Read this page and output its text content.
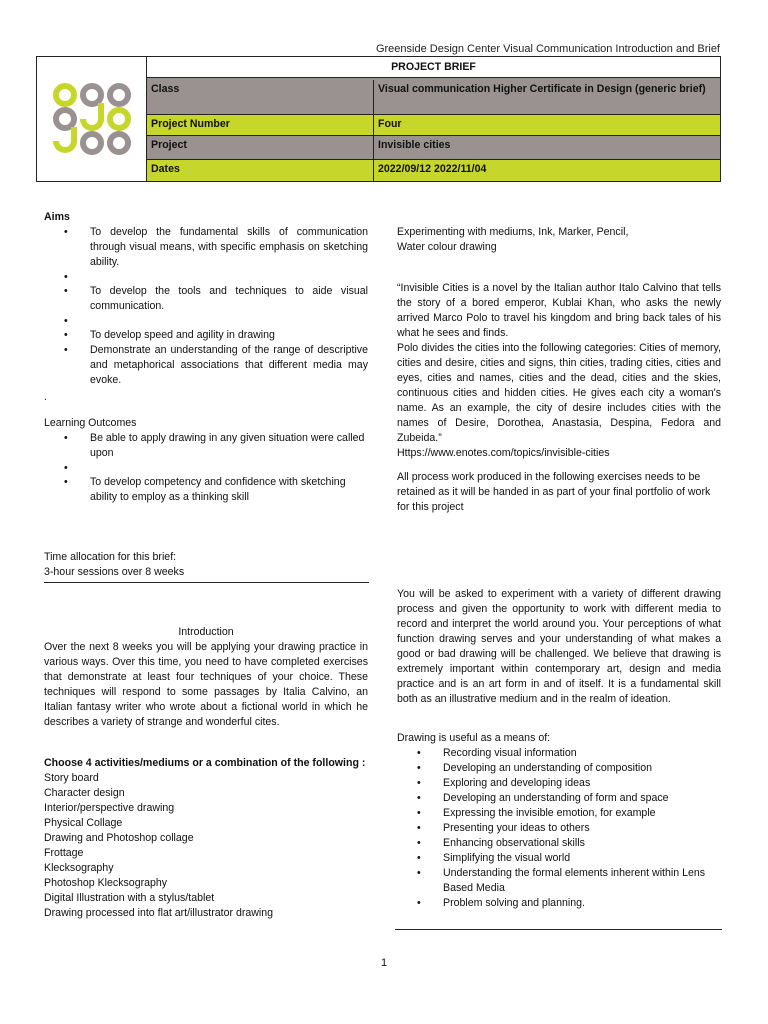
Greenside Design Center Visual Communication Introduction and Brief
PROJECT BRIEF
Class	Visual communication Higher Certificate in Design (generic brief)
Project Number	Four
Project	Invisible cities
Dates	2022/09/12 2022/11/04

Aims

• To develop the fundamental skills of communication through visual means, with specific emphasis on sketching ability.
•
• To develop the tools and techniques to aide visual communication.
•
• To develop speed and agility in drawing
• Demonstrate an understanding of the range of descriptive and metaphorical associations that different media may evoke.

.

Learning Outcomes

• Be able to apply drawing in any given situation were called upon
•
• To develop competency and confidence with sketching ability to employ as a thinking skill

Time allocation for this brief:

3-hour sessions over 8 weeks

Introduction

Over the next 8 weeks you will be applying your drawing practice in various ways. Over this time, you need to have completed exercises that demonstrate at least four techniques of your choice. These techniques will respond to some passages by Italia Calvino, an Italian fantasy writer who wrote about a fictional world in which he describes a variety of strange and wonderful cites.

Choose 4 activities/mediums or a combination of the following :

Story board

Character design

Interior/perspective drawing

Physical Collage

Drawing and Photoshop collage

Frottage

Klecksography

Photoshop Klecksography

Digital Illustration with a stylus/tablet

Drawing processed into flat art/illustrator drawing

Experimenting with mediums, Ink, Marker, Pencil,

Water colour drawing

“Invisible Cities is a novel by the Italian author Italo Calvino that tells the story of a bored emperor, Kublai Khan, who asks the newly arrived Marco Polo to travel his kingdom and bring back tales of his what he sees and finds.

Polo divides the cities into the following categories: Cities of memory, cities and desire, cities and signs, thin cities, trading cities, cities and eyes, cities and names, cities and the dead, cities and the skies, continuous cities and hidden cities. He gives each city a woman's name. As an example, the city of desire includes cities with the names of Desire, Dorothea, Anastasia, Despina, Fedora and Zubeida.”

Https://www.enotes.com/topics/invisible-cities

All process work produced in the following exercises needs to be retained as it will be handed in as part of your final portfolio of work for this project

You will be asked to experiment with a variety of different drawing process and given the opportunity to work with different media to record and interpret the world around you. Your perceptions of what function drawing serves and your understanding of what makes a good or bad drawing will be challenged. We believe that drawing is extremely important within contemporary art, design and media practice and is an art form in and of itself. It is a fundamental skill both as an illustrative medium and in the realm of ideation.

Drawing is useful as a means of:

• Recording visual information
• Developing an understanding of composition
• Exploring and developing ideas
• Developing an understanding of form and space
• Expressing the invisible emotion, for example
• Presenting your ideas to others
• Enhancing observational skills
• Simplifying the visual world
• Understanding the formal elements inherent within Lens Based Media
• Problem solving and planning.
1
